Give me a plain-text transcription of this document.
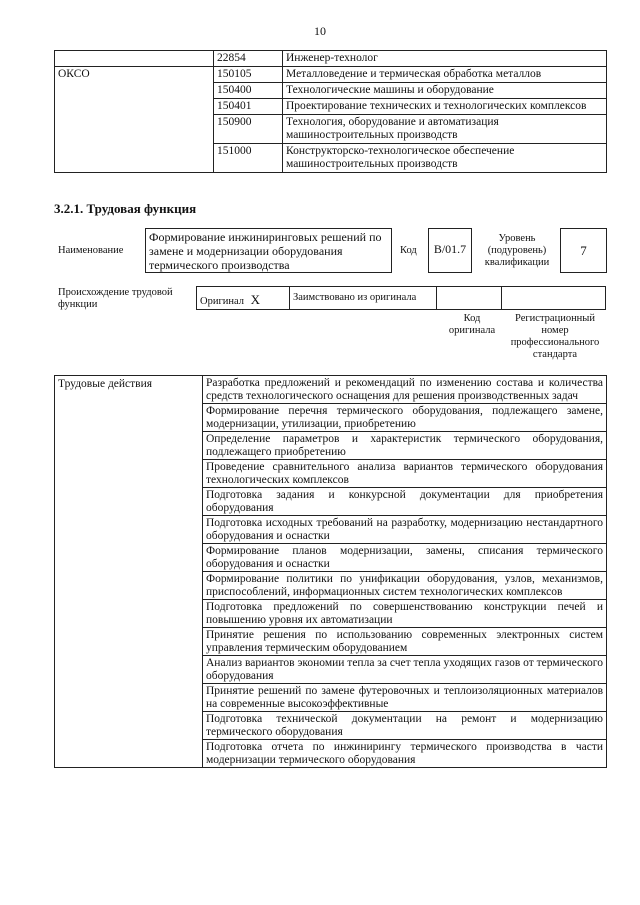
10
	22854	Инженер-технолог
ОКСО	150105	Металловедение и термическая обработка металлов
	150400	Технологические машины и оборудование
	150401	Проектирование технических и технологических комплексов
	150900	Технология, оборудование и автоматизация машиностроительных производств
	151000	Конструкторско-технологическое обеспечение машиностроительных производств
3.2.1. Трудовая функция
Наименование
Формирование инжиниринговых решений по замене и модернизации оборудования термического производства
Код	B/01.7
Уровень (подуровень) квалификации
7
Происхождение трудовой функции	Оригинал X	Заимствовано из оригинала
Код оригинала
Регистрационный номер профессионального стандарта
Трудовые действия	Разработка предложений и рекомендаций по изменению состава и количества средств технологического оснащения для решения производственных задач
Формирование перечня термического оборудования, подлежащего замене, модернизации, утилизации, приобретению
Определение параметров и характеристик термического оборудования, подлежащего приобретению
Проведение сравнительного анализа вариантов термического оборудования технологических комплексов
Подготовка задания и конкурсной документации для приобретения оборудования
Подготовка исходных требований на разработку, модернизацию нестандартного оборудования и оснастки
Формирование планов модернизации, замены, списания термического оборудования и оснастки
Формирование политики по унификации оборудования, узлов, механизмов, приспособлений, информационных систем технологических комплексов
Подготовка предложений по совершенствованию конструкции печей и повышению уровня их автоматизации
Принятие решения по использованию современных электронных систем управления термическим оборудованием
Анализ вариантов экономии тепла за счет тепла уходящих газов от термического оборудования
Принятие решений по замене футеровочных и теплоизоляционных материалов на современные высокоэффективные
Подготовка технической документации на ремонт и модернизацию термического оборудования
Подготовка отчета по инжинирингу термического производства в части модернизации термического оборудования
